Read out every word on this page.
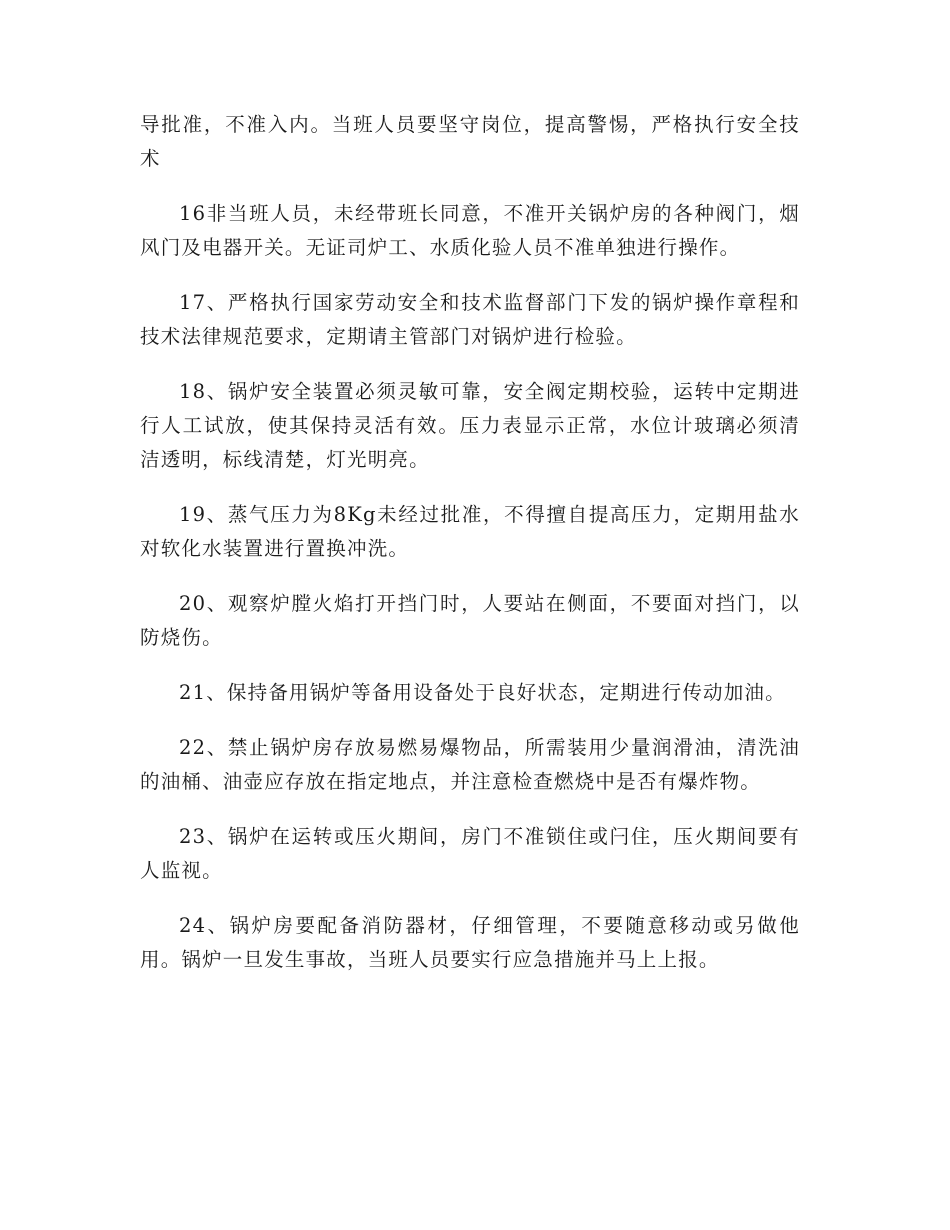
导批准，不准入内。当班人员要坚守岗位，提高警惕，严格执行安全技术

16非当班人员，未经带班长同意，不准开关锅炉房的各种阀门，烟风门及电器开关。无证司炉工、水质化验人员不准单独进行操作。

17、严格执行国家劳动安全和技术监督部门下发的锅炉操作章程和技术法律规范要求，定期请主管部门对锅炉进行检验。

18、锅炉安全装置必须灵敏可靠，安全阀定期校验，运转中定期进行人工试放，使其保持灵活有效。压力表显示正常，水位计玻璃必须清洁透明，标线清楚，灯光明亮。

19、蒸气压力为8Kg未经过批准，不得擅自提高压力，定期用盐水对软化水装置进行置换冲洗。

20、观察炉膛火焰打开挡门时，人要站在侧面，不要面对挡门，以防烧伤。

21、保持备用锅炉等备用设备处于良好状态，定期进行传动加油。

22、禁止锅炉房存放易燃易爆物品，所需装用少量润滑油，清洗油的油桶、油壶应存放在指定地点，并注意检查燃烧中是否有爆炸物。

23、锅炉在运转或压火期间，房门不准锁住或闩住，压火期间要有人监视。

24、锅炉房要配备消防器材，仔细管理，不要随意移动或另做他用。锅炉一旦发生事故，当班人员要实行应急措施并马上上报。
